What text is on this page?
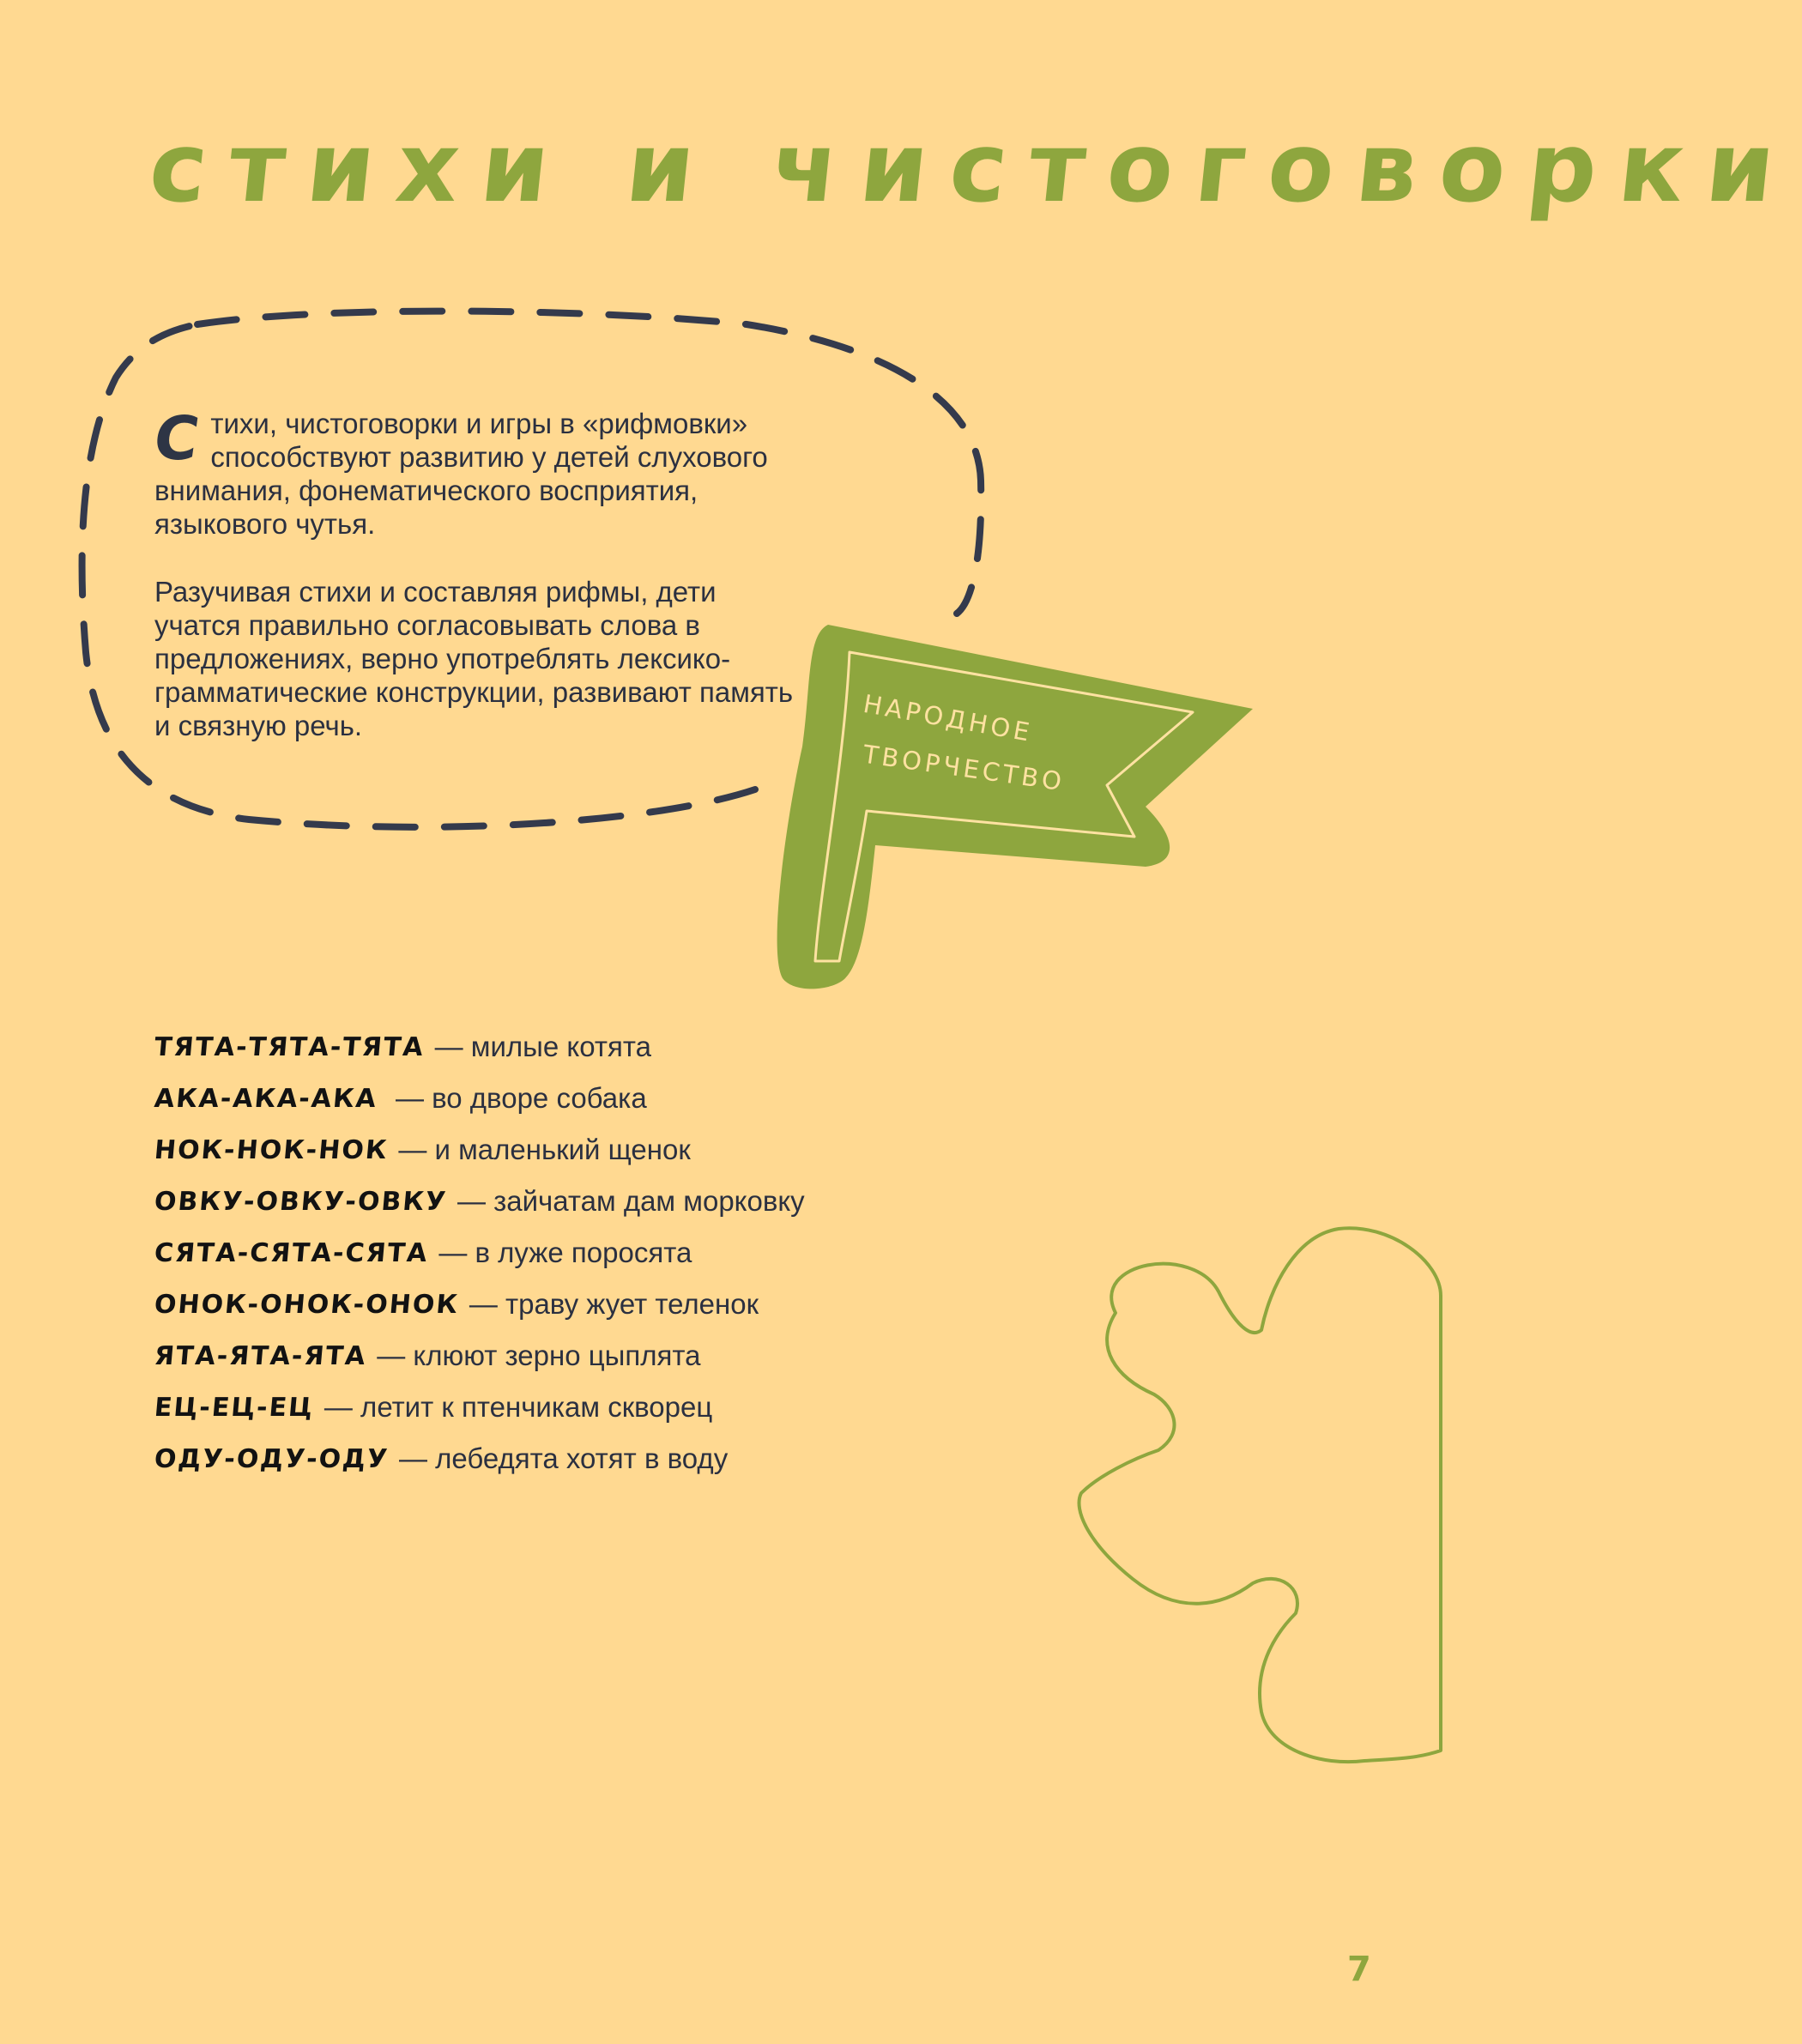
стихи и чистоговорки
НАРОДНОЕ
ТВОРЧЕСТВО

Стихи, чистоговорки и игры в «рифмовки» способствуют развитию у детей слухового внимания, фонематического восприятия, языкового чутья.

Разучивая стихи и составляя рифмы, дети учатся правильно согласовывать слова в предложениях, верно употреблять лексико-грамматические конструкции, развивают память и связную речь.

ТЯТА-ТЯТА-ТЯТА — милые котята
АКА-АКА-АКА — во дворе собака
НОК-НОК-НОК — и маленький щенок
ОВКУ-ОВКУ-ОВКУ — зайчатам дам морковку
СЯТА-СЯТА-СЯТА — в луже поросята
ОНОК-ОНОК-ОНОК — траву жует теленок
ЯТА-ЯТА-ЯТА — клюют зерно цыплята
ЕЦ-ЕЦ-ЕЦ — летит к птенчикам скворец
ОДУ-ОДУ-ОДУ — лебедята хотят в воду
7
